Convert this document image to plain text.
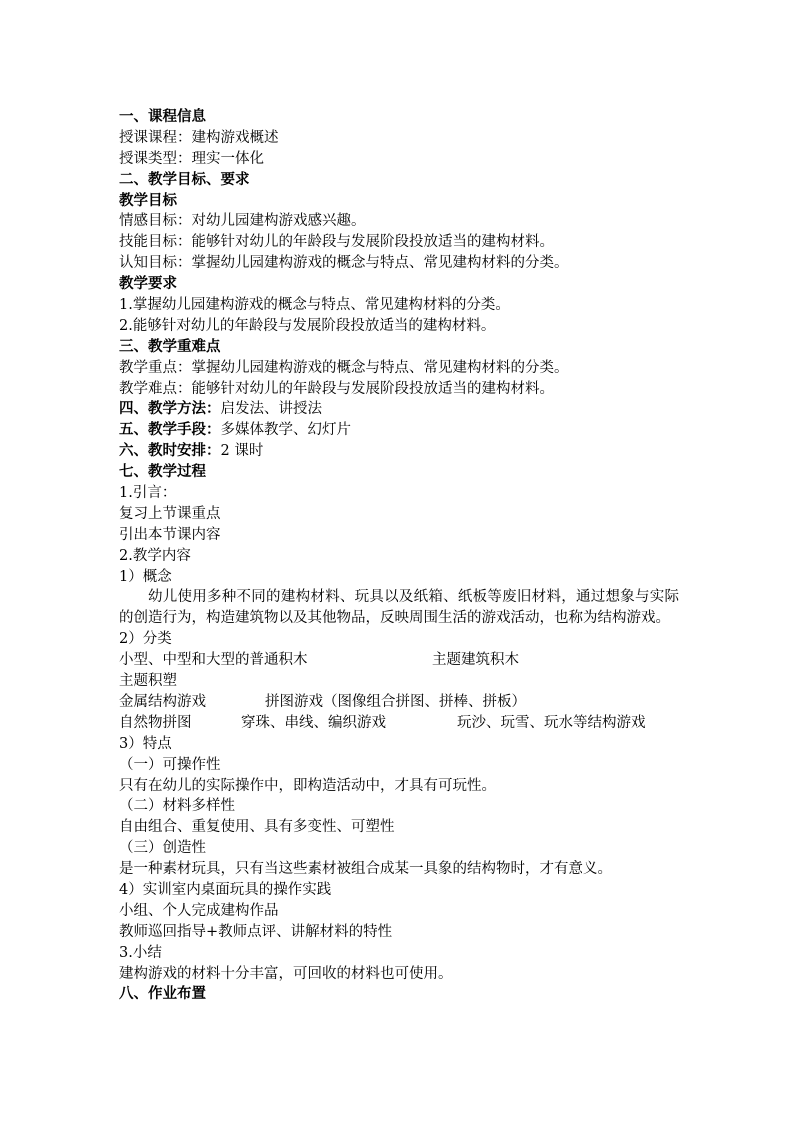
一、课程信息
授课课程：建构游戏概述
授课类型：理实一体化
二、教学目标、要求
教学目标
情感目标：对幼儿园建构游戏感兴趣。
技能目标：能够针对幼儿的年龄段与发展阶段投放适当的建构材料。
认知目标：掌握幼儿园建构游戏的概念与特点、常见建构材料的分类。
教学要求
1.掌握幼儿园建构游戏的概念与特点、常见建构材料的分类。
2.能够针对幼儿的年龄段与发展阶段投放适当的建构材料。
三、教学重难点
教学重点：掌握幼儿园建构游戏的概念与特点、常见建构材料的分类。
教学难点：能够针对幼儿的年龄段与发展阶段投放适当的建构材料。
四、教学方法：启发法、讲授法
五、教学手段：多媒体教学、幻灯片
六、教时安排：2 课时
七、教学过程
1.引言：
复习上节课重点
引出本节课内容
2.教学内容
1）概念
幼儿使用多种不同的建构材料、玩具以及纸箱、纸板等废旧材料，通过想象与实际的创造行为，构造建筑物以及其他物品，反映周围生活的游戏活动，也称为结构游戏。
2）分类
小型、中型和大型的普通积木	主题建筑积木
主题积塑
金属结构游戏	拼图游戏（图像组合拼图、拼棒、拼板）
自然物拼图	穿珠、串线、编织游戏	玩沙、玩雪、玩水等结构游戏
3）特点
（一）可操作性
只有在幼儿的实际操作中，即构造活动中，才具有可玩性。
（二）材料多样性
自由组合、重复使用、具有多变性、可塑性
（三）创造性
是一种素材玩具，只有当这些素材被组合成某一具象的结构物时，才有意义。
4）实训室内桌面玩具的操作实践
小组、个人完成建构作品
教师巡回指导+教师点评、讲解材料的特性
3.小结
建构游戏的材料十分丰富，可回收的材料也可使用。
八、作业布置
